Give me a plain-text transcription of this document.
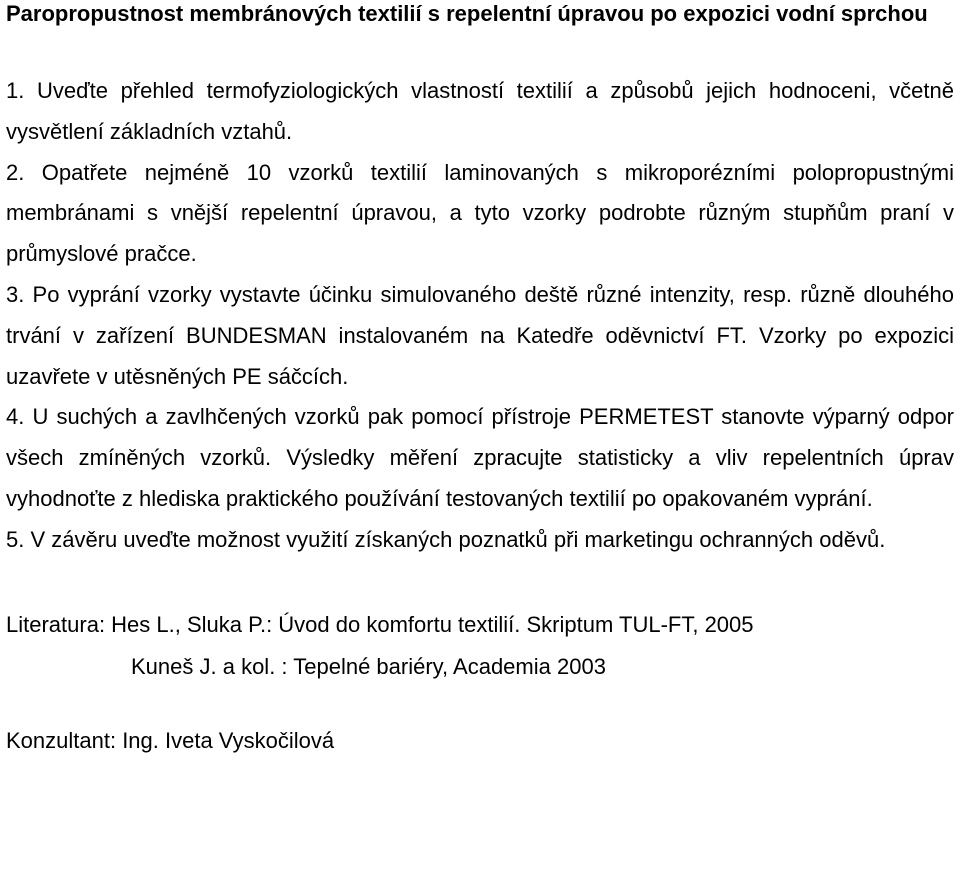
Paropropustnost membránových textilií s repelentní úpravou po expozici vodní sprchou

1. Uveďte přehled termofyziologických vlastností textilií a způsobů jejich hodnoceni, včetně vysvětlení základních vztahů.

2. Opatřete nejméně 10 vzorků textilií laminovaných s mikroporézními polopropustnými membránami s vnější repelentní úpravou, a tyto vzorky podrobte různým stupňům praní v průmyslové pračce.

3. Po vyprání vzorky vystavte účinku simulovaného deště různé intenzity, resp. různě dlouhého trvání v zařízení BUNDESMAN instalovaném na Katedře oděvnictví FT. Vzorky po expozici uzavřete v utěsněných PE sáčcích.

4. U suchých a zavlhčených vzorků pak pomocí přístroje PERMETEST stanovte výparný odpor všech zmíněných vzorků. Výsledky měření zpracujte statisticky a vliv repelentních úprav vyhodnoťte z hlediska praktického používání testovaných textilií po opakovaném vyprání.

5. V závěru uveďte možnost využití získaných poznatků při marketingu ochranných oděvů.

Literatura: Hes L., Sluka P.: Úvod do komfortu textilií. Skriptum TUL-FT, 2005

Kuneš J. a kol. : Tepelné bariéry, Academia 2003

Konzultant: Ing. Iveta Vyskočilová
